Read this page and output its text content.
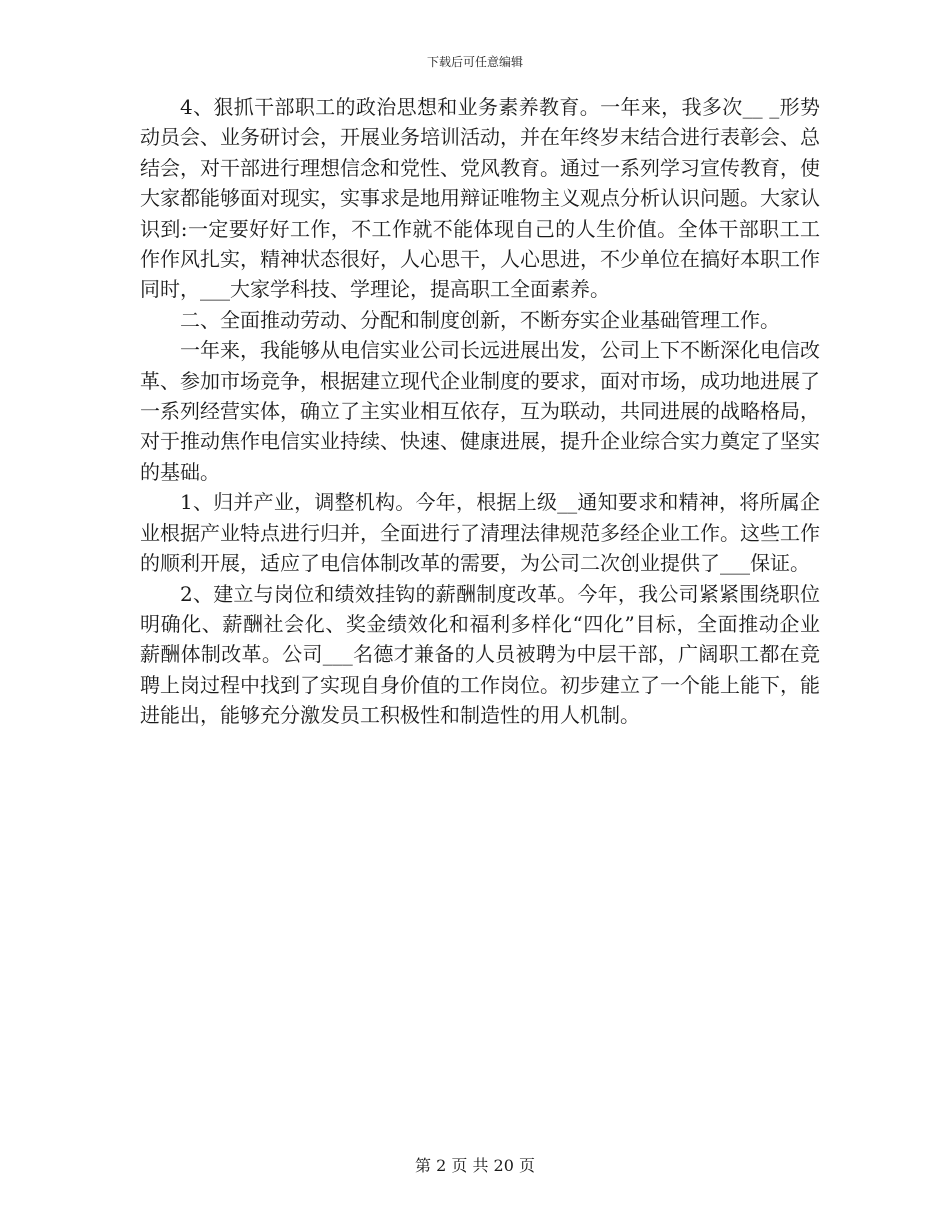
下载后可任意编辑

4、狠抓干部职工的政治思想和业务素养教育。一年来，我多次__ _形势动员会、业务研讨会，开展业务培训活动，并在年终岁末结合进行表彰会、总结会，对干部进行理想信念和党性、党风教育。通过一系列学习宣传教育，使大家都能够面对现实，实事求是地用辩证唯物主义观点分析认识问题。大家认识到:一定要好好工作，不工作就不能体现自己的人生价值。全体干部职工工作作风扎实，精神状态很好，人心思干，人心思进，不少单位在搞好本职工作同时，___大家学科技、学理论，提高职工全面素养。

二、全面推动劳动、分配和制度创新，不断夯实企业基础管理工作。

一年来，我能够从电信实业公司长远进展出发，公司上下不断深化电信改革、参加市场竞争，根据建立现代企业制度的要求，面对市场，成功地进展了一系列经营实体，确立了主实业相互依存，互为联动，共同进展的战略格局，对于推动焦作电信实业持续、快速、健康进展，提升企业综合实力奠定了坚实的基础。

1、归并产业，调整机构。今年，根据上级__通知要求和精神，将所属企业根据产业特点进行归并，全面进行了清理法律规范多经企业工作。这些工作的顺利开展，适应了电信体制改革的需要，为公司二次创业提供了___保证。

2、建立与岗位和绩效挂钩的薪酬制度改革。今年，我公司紧紧围绕职位明确化、薪酬社会化、奖金绩效化和福利多样化“四化”目标，全面推动企业薪酬体制改革。公司___名德才兼备的人员被聘为中层干部，广阔职工都在竞聘上岗过程中找到了实现自身价值的工作岗位。初步建立了一个能上能下，能进能出，能够充分激发员工积极性和制造性的用人机制。

第 2 页 共 20 页
